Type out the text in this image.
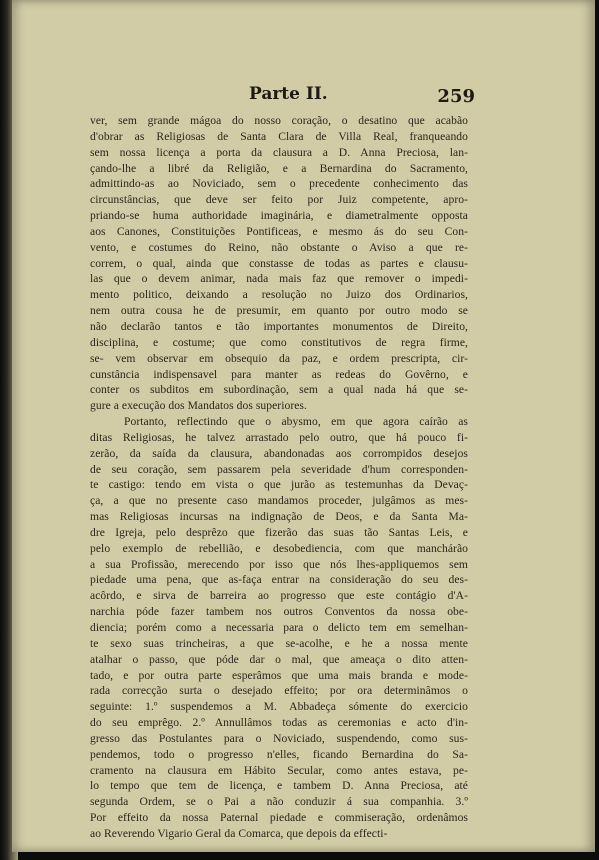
Parte II.	259
ver, sem grande mágoa do nosso coração, o desatino que acabão
d'obrar as Religiosas de Santa Clara de Villa Real, franqueando
sem nossa licença a porta da clausura a D. Anna Preciosa, lan-
çando-lhe a libré da Religião, e a Bernardina do Sacramento,
admittindo-as ao Noviciado, sem o precedente conhecimento das
circunstâncias, que deve ser feito por Juiz competente, apro-
priando-se huma authoridade imaginária, e diametralmente opposta
aos Canones, Constituições Pontificeas, e mesmo ás do seu Con-
vento, e costumes do Reino, não obstante o Aviso a que re-
correm, o qual, ainda que constasse de todas as partes e clausu-
las que o devem animar, nada mais faz que remover o impedi-
mento politico, deixando a resolução no Juizo dos Ordinarios,
nem outra cousa he de presumir, em quanto por outro modo se
não declarão tantos e tão importantes monumentos de Direito,
disciplina, e costume; que como constitutivos de regra firme,
se- vem observar em obsequio da paz, e ordem prescripta, cir-
cunstância indispensavel para manter as redeas do Govêrno, e
conter os subditos em subordinação, sem a qual nada há que se-
gure a execução dos Mandatos dos superiores.
Portanto, reflectindo que o abysmo, em que agora caírão as
ditas Religiosas, he talvez arrastado pelo outro, que há pouco fi-
zerão, da saída da clausura, abandonadas aos corrompidos desejos
de seu coração, sem passarem pela severidade d'hum corresponden-
te castigo: tendo em vista o que jurão as testemunhas da Devaç-
ça, a que no presente caso mandamos proceder, julgâmos as mes-
mas Religiosas incursas na indignação de Deos, e da Santa Ma-
dre Igreja, pelo desprêzo que fizerão das suas tão Santas Leis, e
pelo exemplo de rebellião, e desobediencia, com que manchárão
a sua Profissão, merecendo por isso que nós lhes-appliquemos sem
piedade uma pena, que as-faça entrar na consideração do seu des-
acôrdo, e sirva de barreira ao progresso que este contágio d'A-
narchia póde fazer tambem nos outros Conventos da nossa obe-
diencia; porém como a necessaria para o delicto tem em semelhan-
te sexo suas trincheiras, a que se-acolhe, e he a nossa mente
atalhar o passo, que póde dar o mal, que ameaça o dito atten-
tado, e por outra parte esperâmos que uma mais branda e mode-
rada correcção surta o desejado effeito; por ora determinâmos o
seguinte: 1.º suspendemos a M. Abbadeça sómente do exercicio
do seu emprêgo. 2.º Annullâmos todas as ceremonias e acto d'in-
gresso das Postulantes para o Noviciado, suspendendo, como sus-
pendemos, todo o progresso n'elles, ficando Bernardina do Sa-
cramento na clausura em Hábito Secular, como antes estava, pe-
lo tempo que tem de licença, e tambem D. Anna Preciosa, até
segunda Ordem, se o Pai a não conduzir á sua companhia. 3.º
Por effeito da nossa Paternal piedade e commiseração, ordenâmos
ao Reverendo Vigario Geral da Comarca, que depois da effecti-
